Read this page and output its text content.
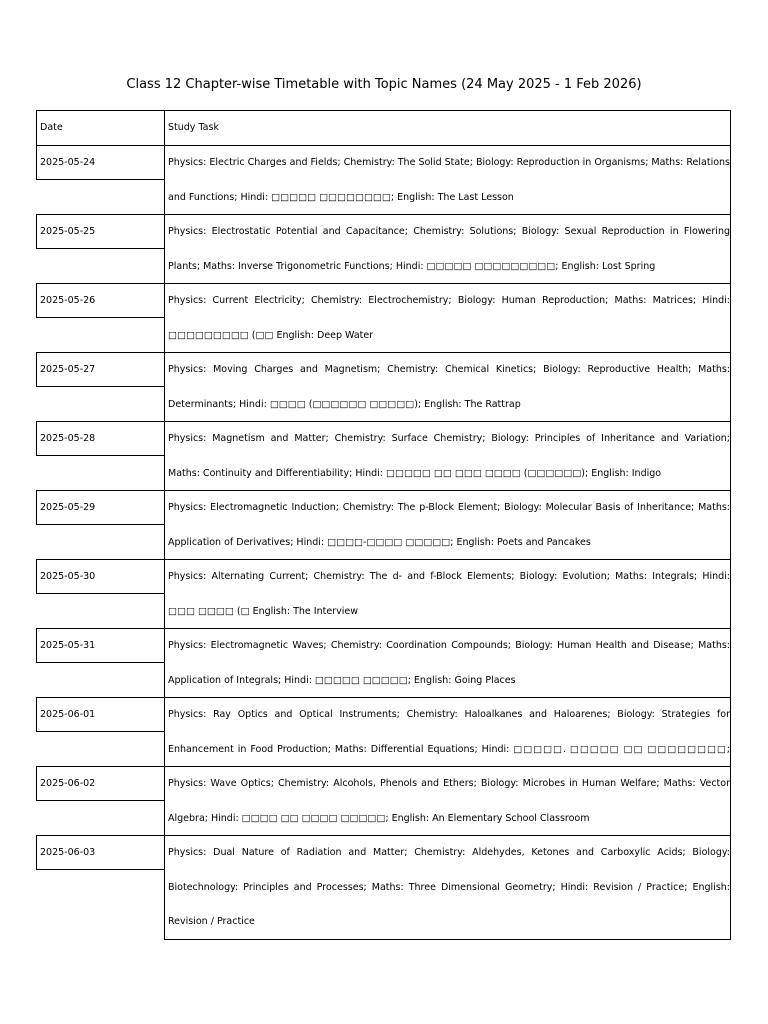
Class 12 Chapter-wise Timetable with Topic Names (24 May 2025 - 1 Feb 2026)
Date	Study Task
2025-05-24	Physics: Electric Charges and Fields; Chemistry: The Solid State; Biology: Reproduction in Organisms; Maths: Relations and Functions; Hindi: □□□□□ □□□□□□□□; English: The Last Lesson
2025-05-25	Physics: Electrostatic Potential and Capacitance; Chemistry: Solutions; Biology: Sexual Reproduction in Flowering Plants; Maths: Inverse Trigonometric Functions; Hindi: □□□□□ □□□□□□□□□; English: Lost Spring
2025-05-26	Physics: Current Electricity; Chemistry: Electrochemistry; Biology: Human Reproduction; Maths: Matrices; Hindi: □□□□□□□□□ (□□ English: Deep Water
2025-05-27	Physics: Moving Charges and Magnetism; Chemistry: Chemical Kinetics; Biology: Reproductive Health; Maths: Determinants; Hindi: □□□□ (□□□□□□ □□□□□); English: The Rattrap
2025-05-28	Physics: Magnetism and Matter; Chemistry: Surface Chemistry; Biology: Principles of Inheritance and Variation; Maths: Continuity and Differentiability; Hindi: □□□□□ □□ □□□ □□□□ (□□□□□□); English: Indigo
2025-05-29	Physics: Electromagnetic Induction; Chemistry: The p-Block Element; Biology: Molecular Basis of Inheritance; Maths: Application of Derivatives; Hindi: □□□□-□□□□ □□□□□; English: Poets and Pancakes
2025-05-30	Physics: Alternating Current; Chemistry: The d- and f-Block Elements; Biology: Evolution; Maths: Integrals; Hindi: □□□ □□□□ (□ English: The Interview
2025-05-31	Physics: Electromagnetic Waves; Chemistry: Coordination Compounds; Biology: Human Health and Disease; Maths: Application of Integrals; Hindi: □□□□□ □□□□□; English: Going Places
2025-06-01	Physics: Ray Optics and Optical Instruments; Chemistry: Haloalkanes and Haloarenes; Biology: Strategies for Enhancement in Food Production; Maths: Differential Equations; Hindi: □□□□□. □□□□□ □□ □□□□□□□□;
2025-06-02	Physics: Wave Optics; Chemistry: Alcohols, Phenols and Ethers; Biology: Microbes in Human Welfare; Maths: Vector Algebra; Hindi: □□□□ □□ □□□□ □□□□□; English: An Elementary School Classroom
2025-06-03	Physics: Dual Nature of Radiation and Matter; Chemistry: Aldehydes, Ketones and Carboxylic Acids; Biology: Biotechnology: Principles and Processes; Maths: Three Dimensional Geometry; Hindi: Revision / Practice; English: Revision / Practice
